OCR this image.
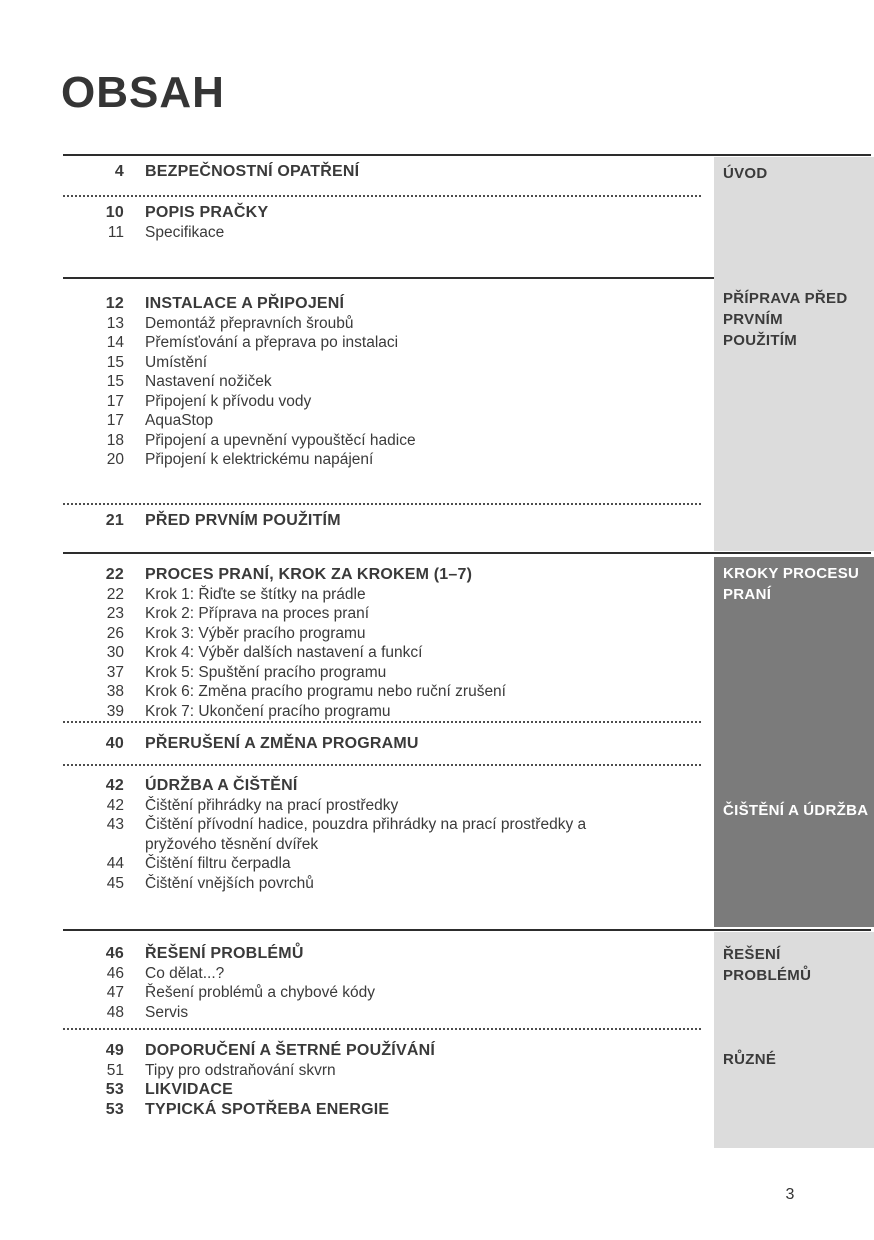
OBSAH
ÚVOD
PŘÍPRAVA PŘED PRVNÍM POUŽITÍM
KROKY PROCESU PRANÍ
ČIŠTĚNÍ A ÚDRŽBA
ŘEŠENÍ PROBLÉMŮ
RŮZNÉ
4 BEZPEČNOSTNÍ OPATŘENÍ
10 POPIS PRAČKY
11 Specifikace
12 INSTALACE A PŘIPOJENÍ
13 Demontáž přepravních šroubů
14 Přemísťování a přeprava po instalaci
15 Umístění
15 Nastavení nožiček
17 Připojení k přívodu vody
17 AquaStop
18 Připojení a upevnění vypouštěcí hadice
20 Připojení k elektrickému napájení
21 PŘED PRVNÍM POUŽITÍM
22 PROCES PRANÍ, KROK ZA KROKEM (1–7)
22 Krok 1: Řiďte se štítky na prádle
23 Krok 2: Příprava na proces praní
26 Krok 3: Výběr pracího programu
30 Krok 4: Výběr dalších nastavení a funkcí
37 Krok 5: Spuštění pracího programu
38 Krok 6: Změna pracího programu nebo ruční zrušení
39 Krok 7: Ukončení pracího programu
40 PŘERUŠENÍ A ZMĚNA PROGRAMU
42 ÚDRŽBA A ČIŠTĚNÍ
42 Čištění přihrádky na prací prostředky
43 Čištění přívodní hadice, pouzdra přihrádky na prací prostředky a pryžového těsnění dvířek
44 Čištění filtru čerpadla
45 Čištění vnějších povrchů
46 ŘEŠENÍ PROBLÉMŮ
46 Co dělat...?
47 Řešení problémů a chybové kódy
48 Servis
49 DOPORUČENÍ A ŠETRNÉ POUŽÍVÁNÍ
51 Tipy pro odstraňování skvrn
53 LIKVIDACE
53 TYPICKÁ SPOTŘEBA ENERGIE
3
